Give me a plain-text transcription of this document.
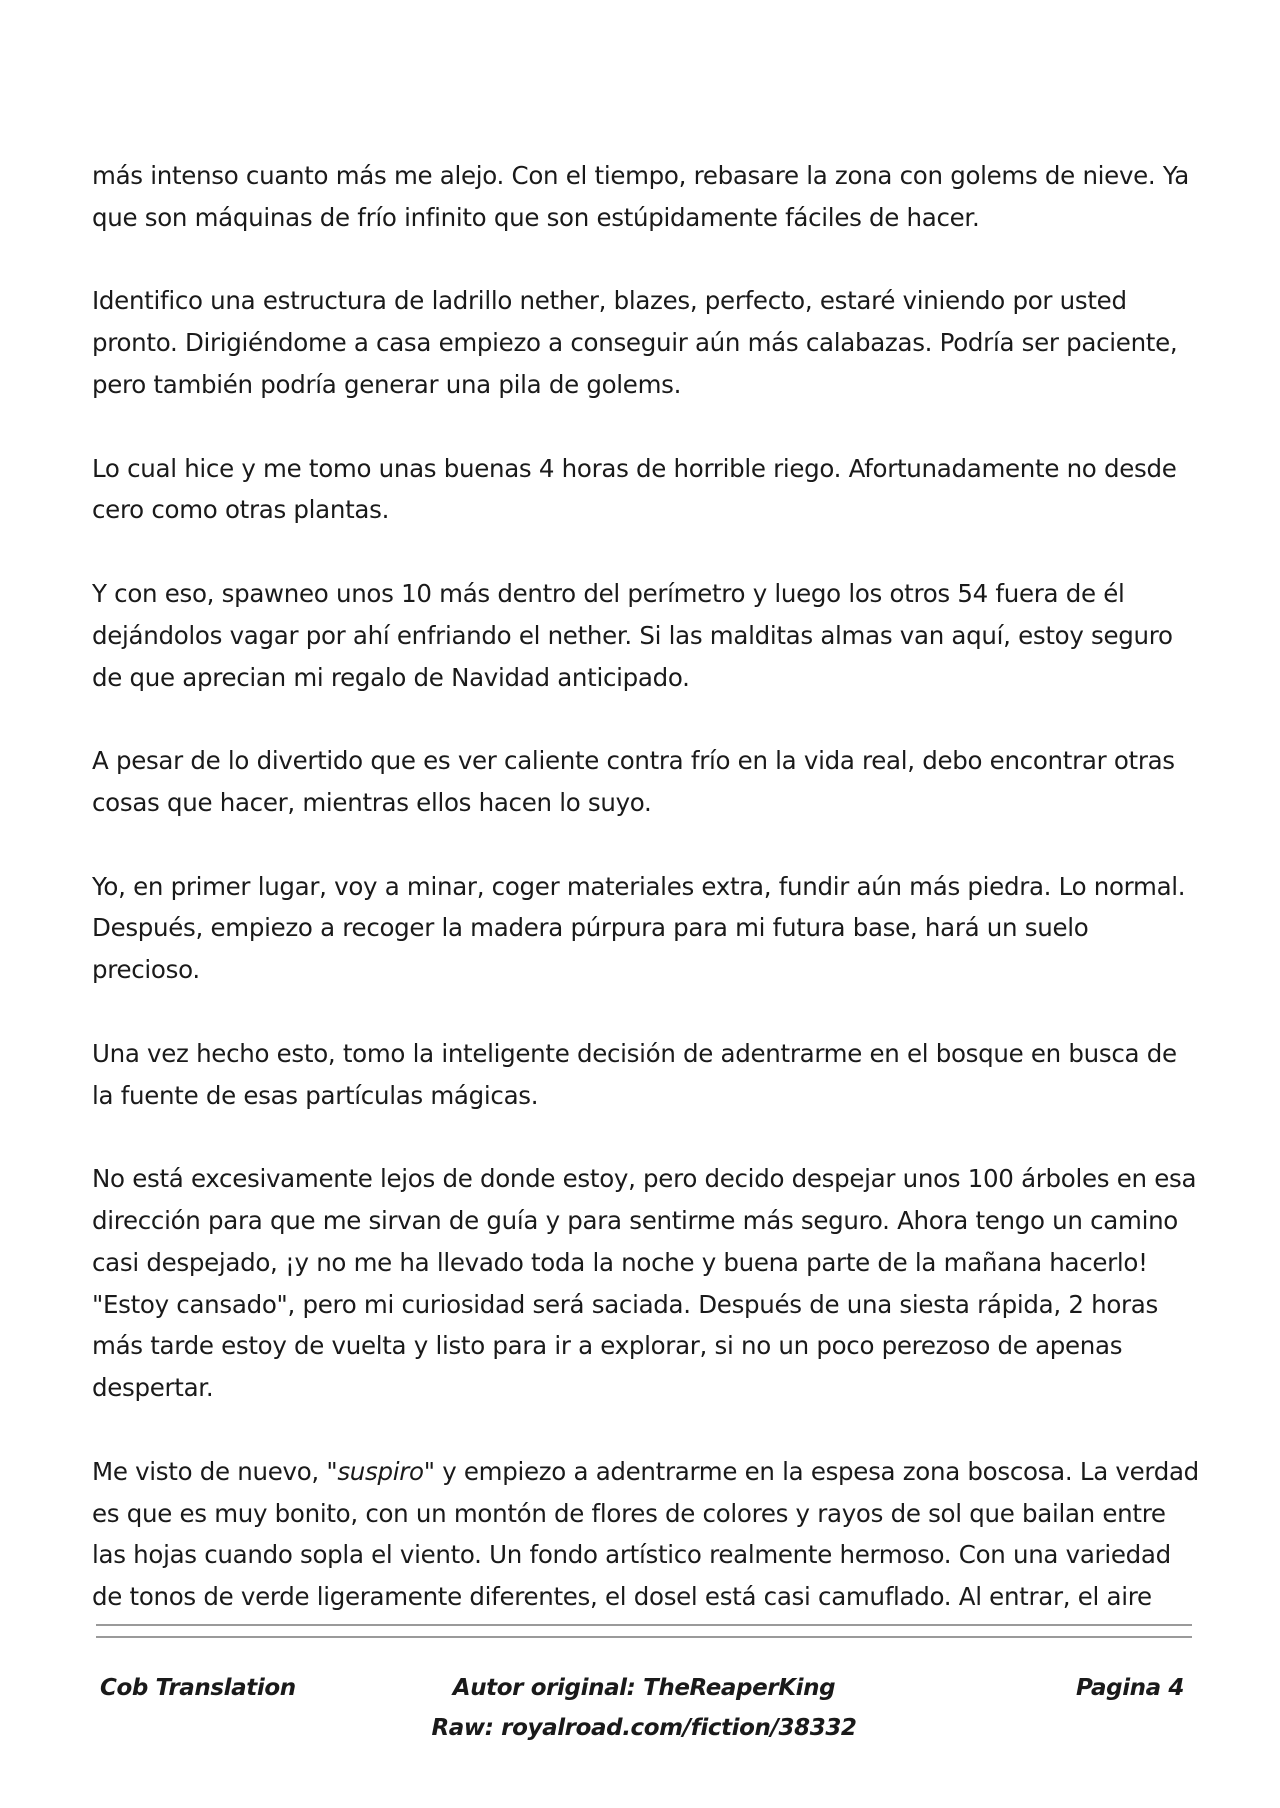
más intenso cuanto más me alejo. Con el tiempo, rebasare la zona con golems de nieve. Ya que son máquinas de frío infinito que son estúpidamente fáciles de hacer.

Identifico una estructura de ladrillo nether, blazes, perfecto, estaré viniendo por usted pronto. Dirigiéndome a casa empiezo a conseguir aún más calabazas. Podría ser paciente, pero también podría generar una pila de golems.

Lo cual hice y me tomo unas buenas 4 horas de horrible riego. Afortunadamente no desde cero como otras plantas.

Y con eso, spawneo unos 10 más dentro del perímetro y luego los otros 54 fuera de él dejándolos vagar por ahí enfriando el nether. Si las malditas almas van aquí, estoy seguro de que aprecian mi regalo de Navidad anticipado.

A pesar de lo divertido que es ver caliente contra frío en la vida real, debo encontrar otras cosas que hacer, mientras ellos hacen lo suyo.

Yo, en primer lugar, voy a minar, coger materiales extra, fundir aún más piedra. Lo normal. Después, empiezo a recoger la madera púrpura para mi futura base, hará un suelo precioso.

Una vez hecho esto, tomo la inteligente decisión de adentrarme en el bosque en busca de la fuente de esas partículas mágicas.

No está excesivamente lejos de donde estoy, pero decido despejar unos 100 árboles en esa dirección para que me sirvan de guía y para sentirme más seguro. Ahora tengo un camino casi despejado, ¡y no me ha llevado toda la noche y buena parte de la mañana hacerlo! "Estoy cansado", pero mi curiosidad será saciada. Después de una siesta rápida, 2 horas más tarde estoy de vuelta y listo para ir a explorar, si no un poco perezoso de apenas despertar.

Me visto de nuevo, "suspiro" y empiezo a adentrarme en la espesa zona boscosa. La verdad es que es muy bonito, con un montón de flores de colores y rayos de sol que bailan entre las hojas cuando sopla el viento. Un fondo artístico realmente hermoso. Con una variedad de tonos de verde ligeramente diferentes, el dosel está casi camuflado. Al entrar, el aire

Cob Translation	Autor original: TheReaperKing
Raw: royalroad.com/fiction/38332
Pagina 4
